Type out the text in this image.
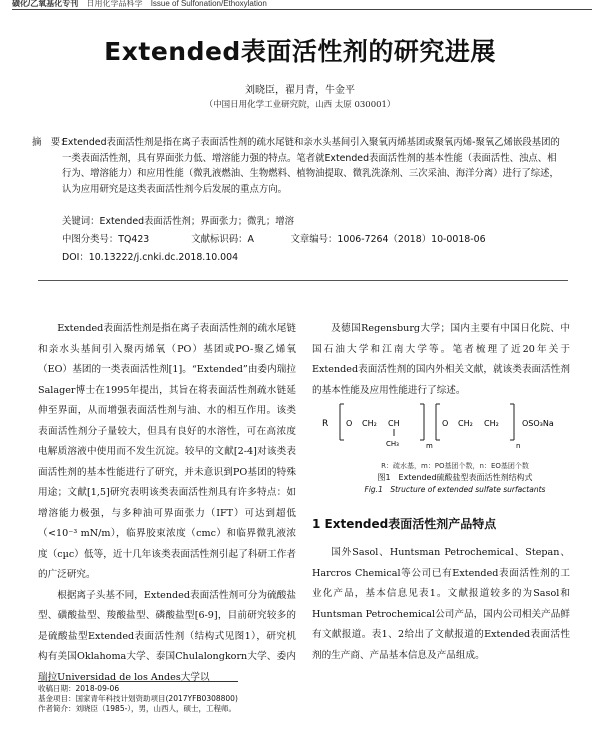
磺化/乙氧基化专刊 日用化学品科学 Issue of Sulfonation/Ethoxylation
Extended表面活性剂的研究进展
刘晓臣，翟月青，牛金平
（中国日用化学工业研究院，山西 太原 030001）
摘　要：
Extended表面活性剂是指在离子表面活性剂的疏水尾链和亲水头基间引入聚氧丙烯基团或聚氧丙烯-聚氧乙烯嵌段基团的一类表面活性剂，具有界面张力低、增溶能力强的特点。笔者就Extended表面活性剂的基本性能（表面活性、浊点、相行为、增溶能力）和应用性能（微乳液燃油、生物燃料、植物油提取、微乳洗涤剂、三次采油、海洋分离）进行了综述，认为应用研究是这类表面活性剂今后发展的重点方向。
关键词：Extended表面活性剂；界面张力；微乳；增溶
中图分类号：TQ423	文献标识码：A	文章编号：1006-7264（2018）10-0018-06
DOI：10.13222/j.cnki.dc.2018.10.004

Extended表面活性剂是指在离子表面活性剂的疏水尾链和亲水头基间引入聚丙烯氧（PO）基团或PO-聚乙烯氧（EO）基团的一类表面活性剂[1]。“Extended”由委内瑞拉Salager博士在1995年提出，其旨在将表面活性剂疏水链延伸至界面，从而增强表面活性剂与油、水的相互作用。该类表面活性剂分子量较大，但具有良好的水溶性，可在高浓度电解质溶液中使用而不发生沉淀。较早的文献[2-4]对该类表面活性剂的基本性能进行了研究，并未意识到PO基团的特殊用途；文献[1,5]研究表明该类表面活性剂具有许多特点：如增溶能力极强，与多种油可界面张力（IFT）可达到超低（<10⁻³ mN/m），临界胶束浓度（cmc）和临界微乳液浓度（cµc）低等，近十几年该类表面活性剂引起了科研工作者的广泛研究。

根据离子头基不同，Extended表面活性剂可分为硫酸盐型、磺酸盐型、羧酸盐型、磷酸盐型[6-9]，目前研究较多的是硫酸盐型Extended表面活性剂（结构式见图1），研究机构有美国Oklahoma大学、泰国Chulalongkorn大学、委内瑞拉Universidad de los Andes大学以

及德国Regensburg大学；国内主要有中国日化院、中国石油大学和江南大学等。笔者梳理了近20年关于Extended表面活性剂的国内外相关文献，就该类表面活性剂的基本性能及应用性能进行了综述。

R O CH₂ CH
CH₃	m
O CH₂ CH₂
n
OSO₃Na
R：疏水基，m：PO基团个数，n：EO基团个数
图1　Extended硫酸盐型表面活性剂结构式
Fig.1　Structure of extended sulfate surfactants
1 Extended表面活性剂产品特点

国外Sasol、Huntsman Petrochemical、Stepan、Harcros Chemical等公司已有Extended表面活性剂的工业化产品，基本信息见表1。文献报道较多的为Sasol和Huntsman Petrochemical公司产品，国内公司相关产品鲜有文献报道。表1、2给出了文献报道的Extended表面活性剂的生产商、产品基本信息及产品组成。

收稿日期：2018-09-06
基金项目：国家青年科技计划资助项目(2017YFB0308800)
作者简介：刘晓臣（1985-），男，山西人，硕士，工程师。
